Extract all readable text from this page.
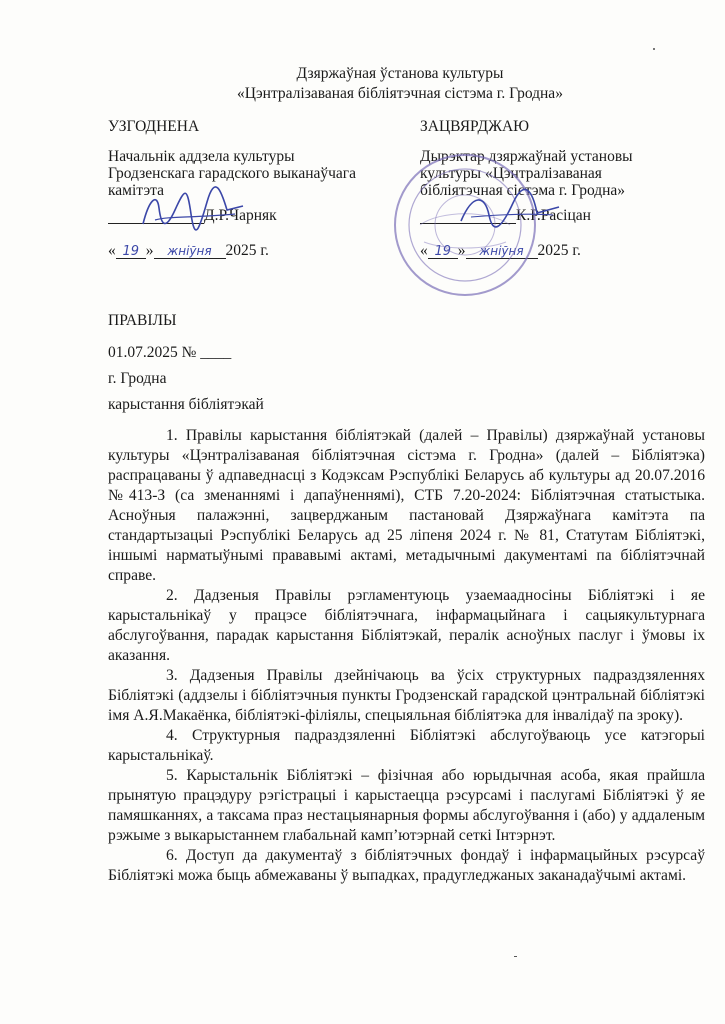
Дзяржаўная ўстанова культуры
«Цэнтралізаваная бібліятэчная сістэма г. Гродна»
УЗГОДНЕНА
Начальнік аддзела культуры
Гродзенскага гарадского выканаўчага
камітэта
Д.Р.Чарняк
« 19 » жніўня 2025 г.
ЗАЦВЯРДЖАЮ
Дырэктар дзяржаўнай установы
культуры «Цэнтралізаваная
бібліятэчная сістэма г. Гродна»
К.Р.Расіцан
« 19 » жніўня 2025 г.
ПРАВІЛЫ
01.07.2025 № ____
г. Гродна
карыстання бібліятэкай

1. Правілы карыстання бібліятэкай (далей – Правілы) дзяржаўнай установы культуры «Цэнтралізаваная бібліятэчная сістэма г. Гродна» (далей – Бібліятэка) распрацаваны ў адпаведнасці з Кодэксам Рэспублікі Беларусь аб культуры ад 20.07.2016 №413-З (са зменаннямі і дапаўненнямі), СТБ 7.20-2024: Бібліятэчная статыстыка. Асноўныя палажэнні, зацверджаным пастановай Дзяржаўнага камітэта па стандартызацыі Рэспублікі Беларусь ад 25 ліпеня 2024 г. № 81, Статутам Бібліятэкі, іншымі нарматыўнымі прававымі актамі, метадычнымі дакументамі па бібліятэчнай справе.

2. Дадзеныя Правілы рэгламентуюць узаемаадносіны Бібліятэкі і яе карыстальнікаў у працэсе бібліятэчнага, інфармацыйнага і сацыякультурнага абслугоўвання, парадак карыстання Бібліятэкай, пералік асноўных паслуг і ўмовы іх аказання.

3. Дадзеныя Правілы дзейнічаюць ва ўсіх структурных падраздзяленнях Бібліятэкі (аддзелы і бібліятэчныя пункты Гродзенскай гарадской цэнтральнай бібліятэкі імя А.Я.Макаёнка, бібліятэкі-філіялы, спецыяльная бібліятэка для інвалідаў па зроку).

4. Структурныя падраздзяленні Бібліятэкі абслугоўваюць усе катэгорыі карыстальнікаў.

5. Карыстальнік Бібліятэкі – фізічная або юрыдычная асоба, якая прайшла прынятую працэдуру рэгістрацыі і карыстаецца рэсурсамі і паслугамі Бібліятэкі ў яе памяшканнях, а таксама праз нестацыянарныя формы абслугоўвання і (або) у аддаленым рэжыме з выкарыстаннем глабальнай камп’ютэрнай сеткі Інтэрнэт.

6. Доступ да дакументаў з бібліятэчных фондаў і інфармацыйных рэсурсаў Бібліятэкі можа быць абмежаваны ў выпадках, прадугледжаных заканадаўчымі актамі.
